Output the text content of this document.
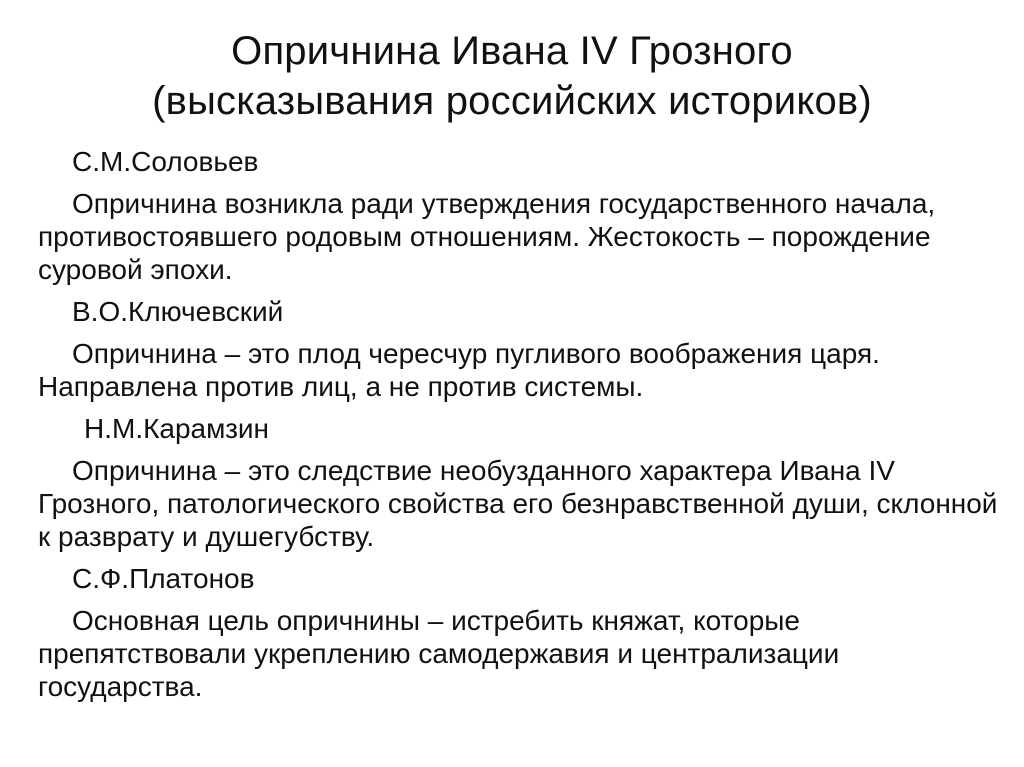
Опричнина Ивана IV Грозного
(высказывания российских историков)

С.М.Соловьев

Опричнина возникла ради утверждения государственного начала, противостоявшего родовым отношениям. Жестокость – порождение суровой эпохи.

В.О.Ключевский

Опричнина – это плод чересчур пугливого воображения царя. Направлена против лиц, а не против системы.

Н.М.Карамзин

Опричнина – это следствие необузданного характера Ивана IV Грозного, патологического свойства его безнравственной души, склонной к разврату и душегубству.

С.Ф.Платонов

Основная цель опричнины – истребить княжат, которые препятствовали укреплению самодержавия и централизации государства.
